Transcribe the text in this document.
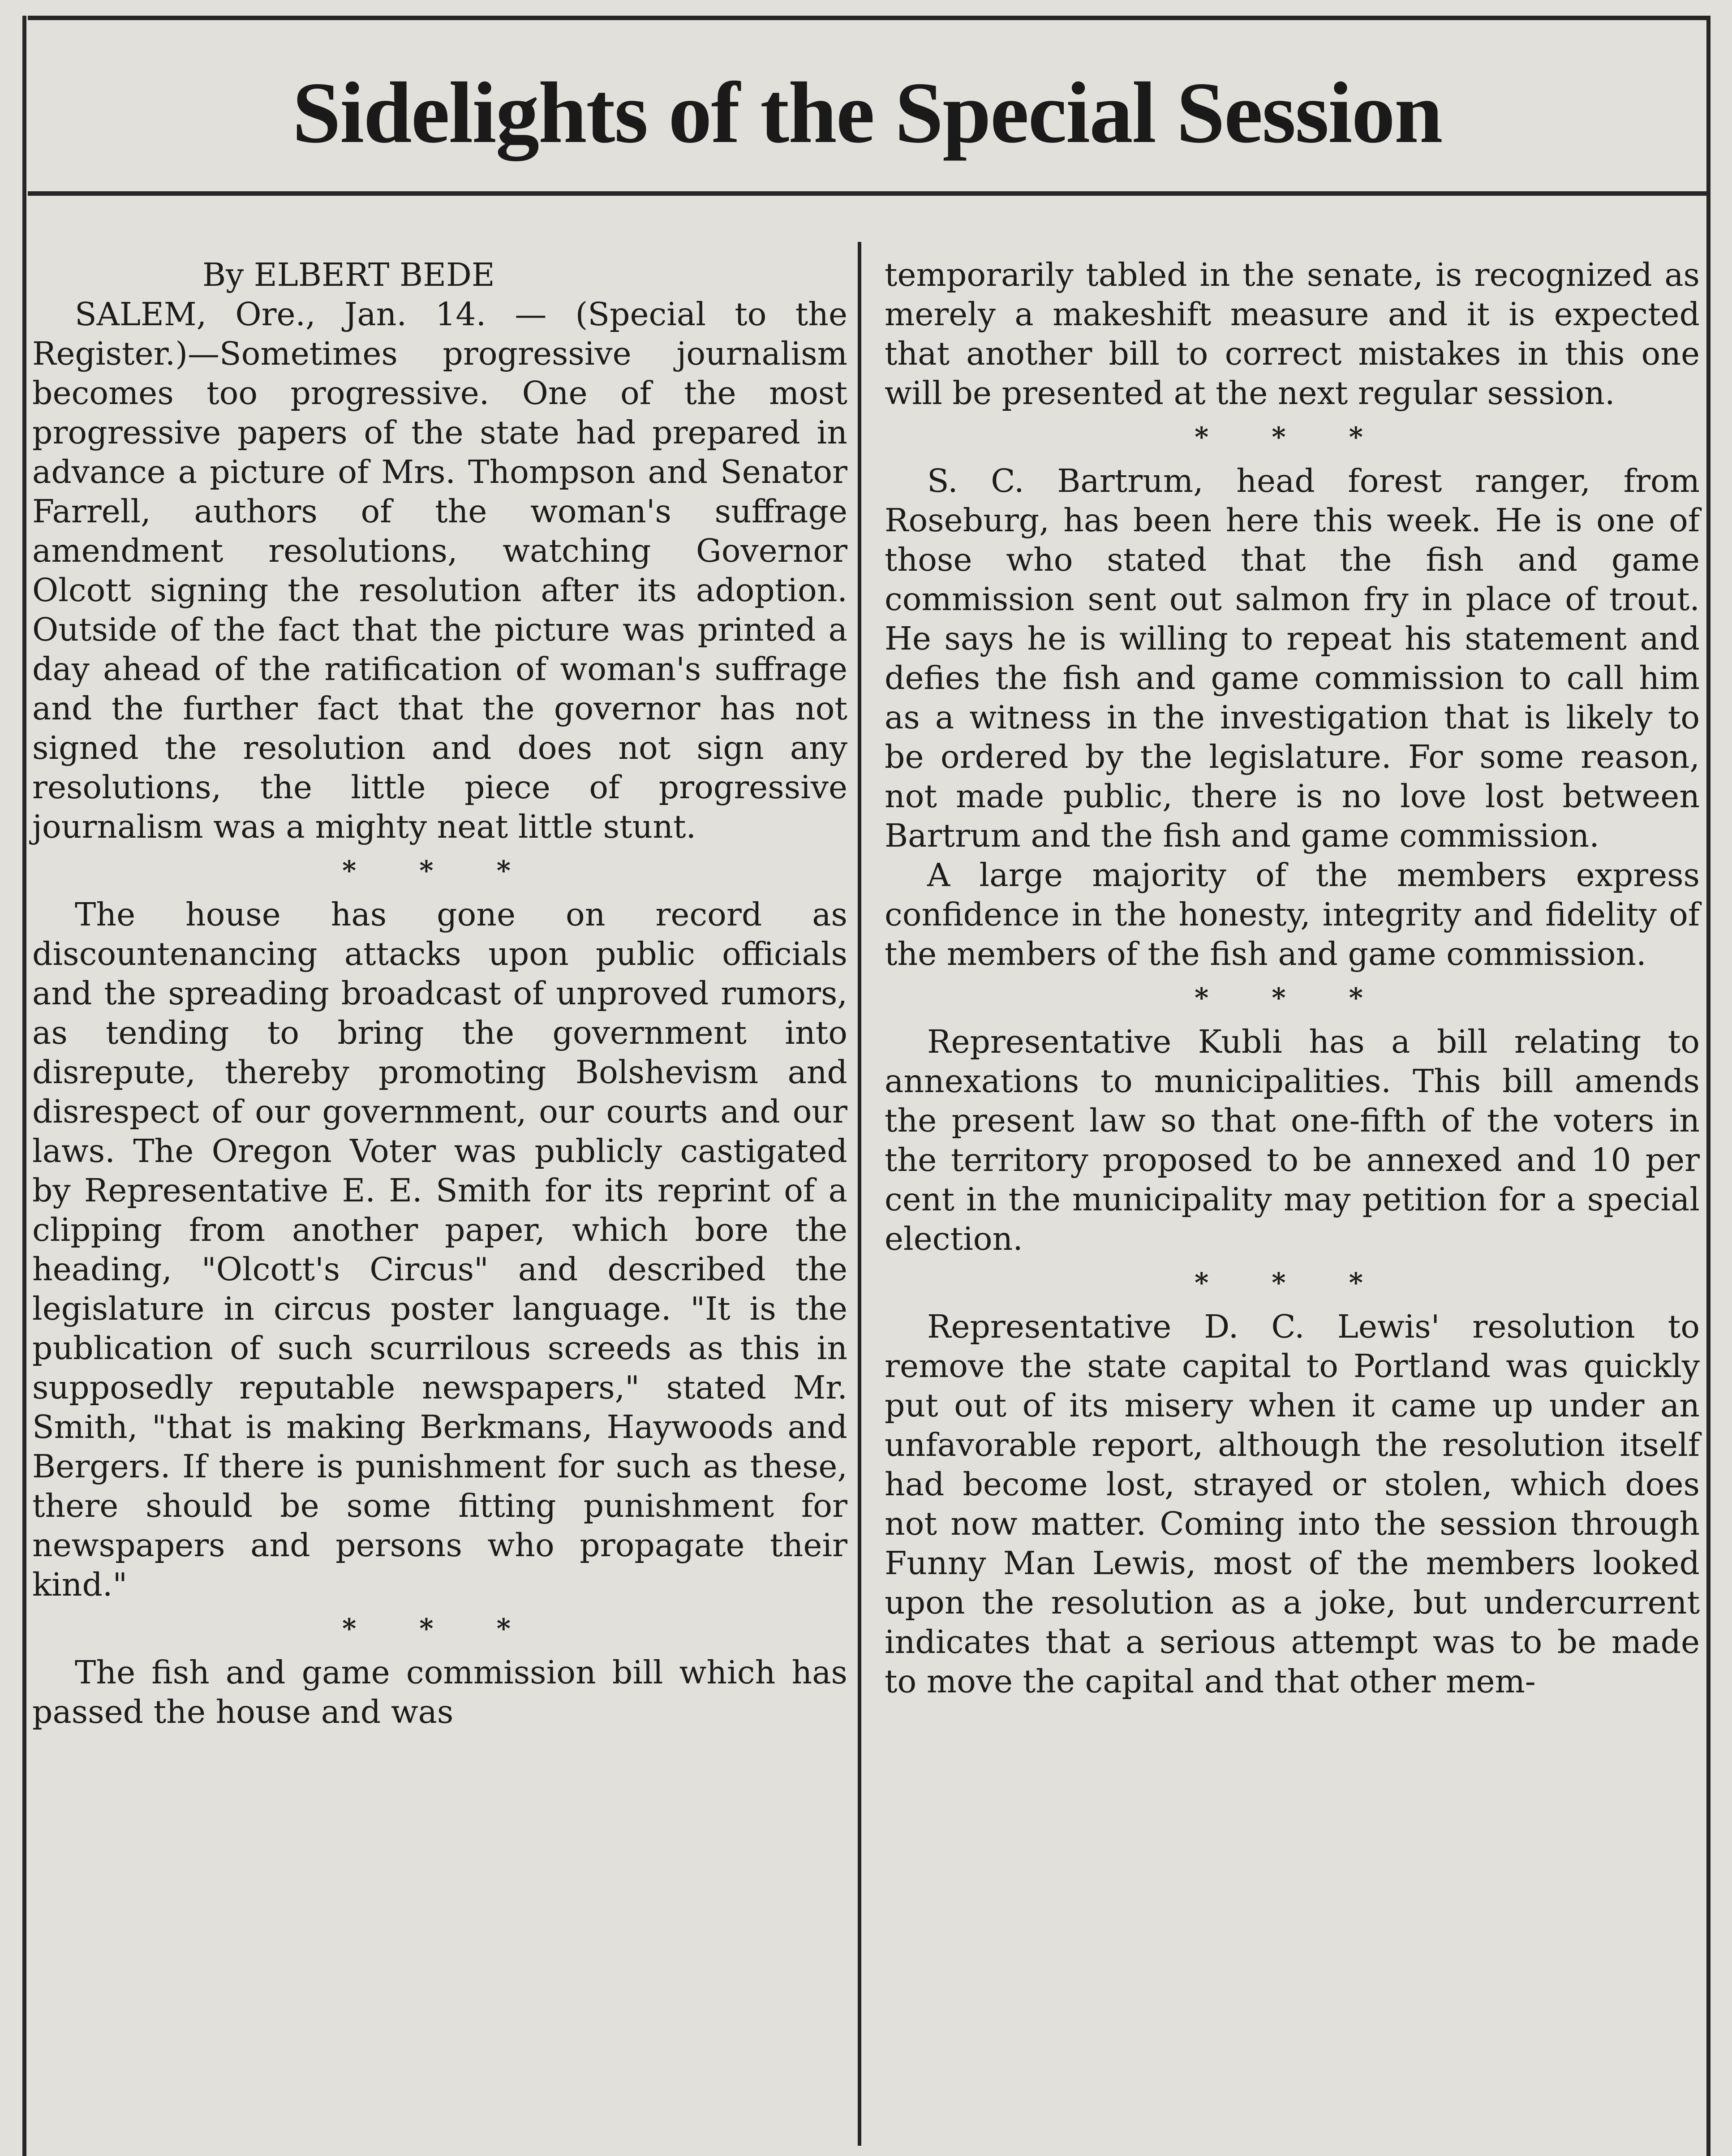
Sidelights of the Special Session

By ELBERT BEDE

SALEM, Ore., Jan. 14. — (Special to the Register.)—Sometimes progressive journalism becomes too progressive. One of the most progressive papers of the state had prepared in advance a picture of Mrs. Thompson and Senator Farrell, authors of the woman's suffrage amendment resolutions, watching Governor Olcott signing the resolution after its adoption. Outside of the fact that the picture was printed a day ahead of the ratification of woman's suffrage and the further fact that the governor has not signed the resolution and does not sign any resolutions, the little piece of progressive journalism was a mighty neat little stunt.

* * *

The house has gone on record as discountenancing attacks upon public officials and the spreading broadcast of unproved rumors, as tending to bring the government into disrepute, thereby promoting Bolshevism and disrespect of our government, our courts and our laws. The Oregon Voter was publicly castigated by Representative E. E. Smith for its reprint of a clipping from another paper, which bore the heading, "Olcott's Circus" and described the legislature in circus poster language. "It is the publication of such scurrilous screeds as this in supposedly reputable newspapers," stated Mr. Smith, "that is making Berkmans, Haywoods and Bergers. If there is punishment for such as these, there should be some fitting punishment for newspapers and persons who propagate their kind."

* * *

The fish and game commission bill which has passed the house and was

temporarily tabled in the senate, is recognized as merely a makeshift measure and it is expected that another bill to correct mistakes in this one will be presented at the next regular session.

* * *

S. C. Bartrum, head forest ranger, from Roseburg, has been here this week. He is one of those who stated that the fish and game commission sent out salmon fry in place of trout. He says he is willing to repeat his statement and defies the fish and game commission to call him as a witness in the investigation that is likely to be ordered by the legislature. For some reason, not made public, there is no love lost between Bartrum and the fish and game commission.

A large majority of the members express confidence in the honesty, integrity and fidelity of the members of the fish and game commission.

* * *

Representative Kubli has a bill relating to annexations to municipalities. This bill amends the present law so that one-fifth of the voters in the territory proposed to be annexed and 10 per cent in the municipality may petition for a special election.

* * *

Representative D. C. Lewis' resolution to remove the state capital to Portland was quickly put out of its misery when it came up under an unfavorable report, although the resolution itself had become lost, strayed or stolen, which does not now matter. Coming into the session through Funny Man Lewis, most of the members looked upon the resolution as a joke, but undercurrent indicates that a serious attempt was to be made to move the capital and that other mem-
